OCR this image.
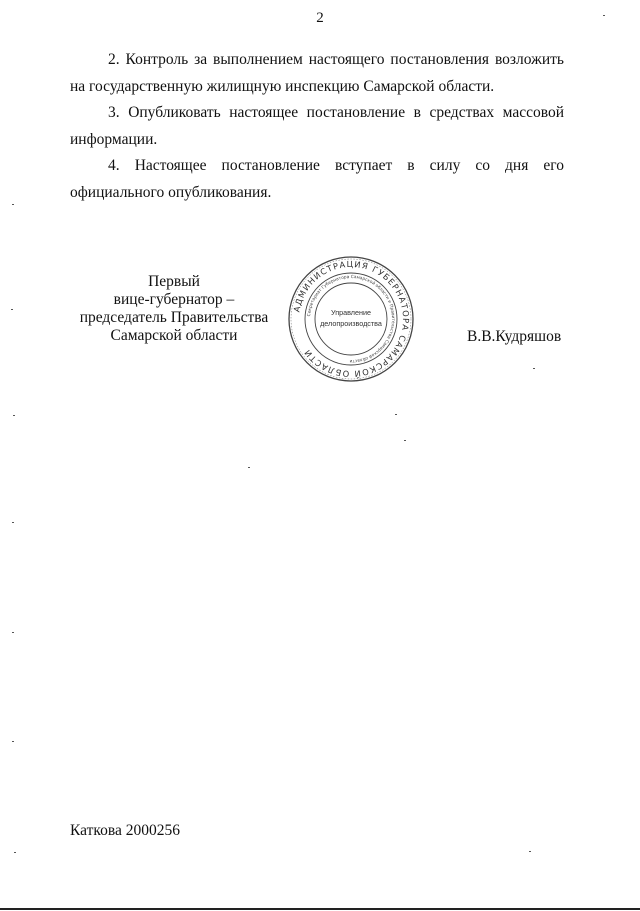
2

2. Контроль за выполнением настоящего постановления возложить на государственную жилищную инспекцию Самарской области.

3. Опубликовать настоящее постановление в средствах массовой информации.

4. Настоящее постановление вступает в силу со дня его официального опубликования.

Первый
вице-губернатор –
председатель Правительства
Самарской области
АДМИНИСТРАЦИЯ ГУБЕРНАТОРА САМАРСКОЙ ОБЛАСТИ
Секретариат Губернатора Самарской области и Правительства Самарской области
Управление
делопроизводства
В.В.Кудряшов
Каткова 2000256
